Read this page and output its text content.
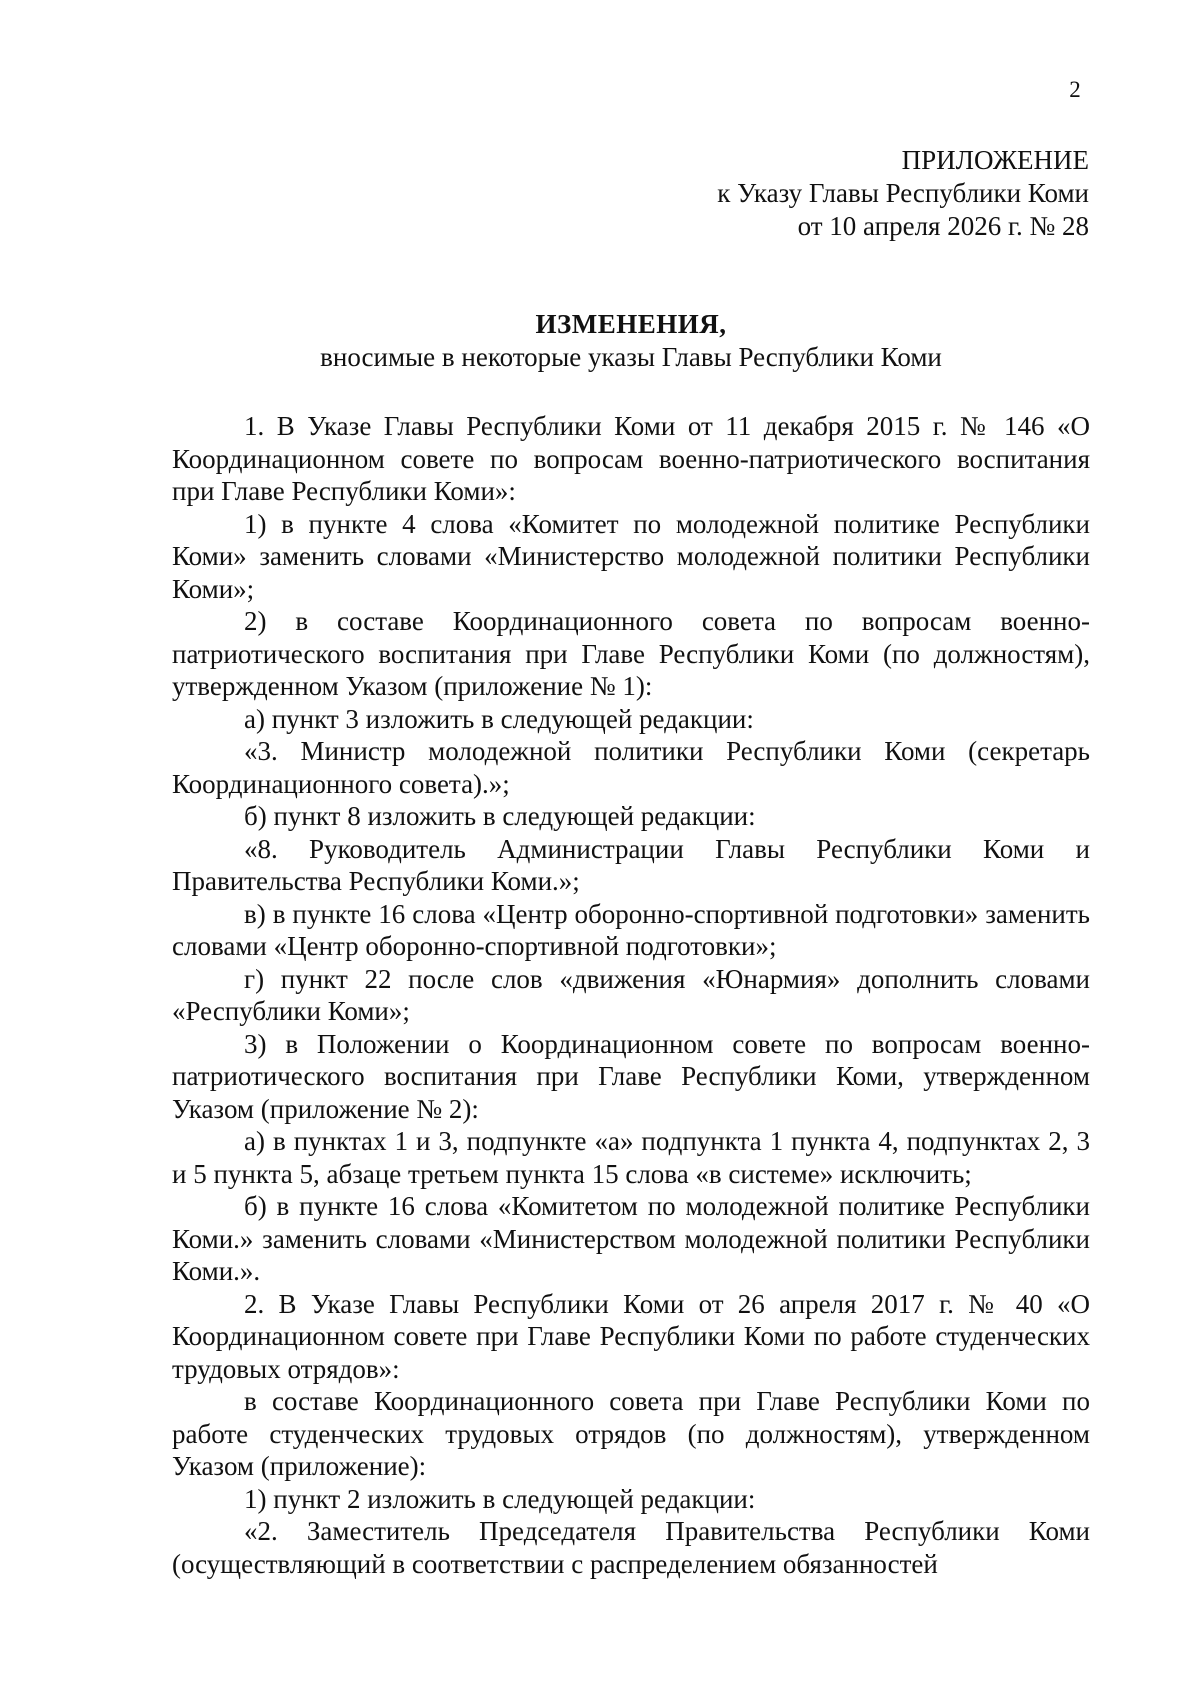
2
ПРИЛОЖЕНИЕ
к Указу Главы Республики Коми
от 10 апреля 2026 г. № 28
ИЗМЕНЕНИЯ,
вносимые в некоторые указы Главы Республики Коми

1. В Указе Главы Республики Коми от 11 декабря 2015 г. № 146 «О Координационном совете по вопросам военно-патриотического воспитания при Главе Республики Коми»:

1) в пункте 4 слова «Комитет по молодежной политике Республики Коми» заменить словами «Министерство молодежной политики Республики Коми»;

2) в составе Координационного совета по вопросам военно-патриотического воспитания при Главе Республики Коми (по должностям), утвержденном Указом (приложение № 1):

а) пункт 3 изложить в следующей редакции:

«3. Министр молодежной политики Республики Коми (секретарь Координационного совета).»;

б) пункт 8 изложить в следующей редакции:

«8. Руководитель Администрации Главы Республики Коми и Правительства Республики Коми.»;

в) в пункте 16 слова «Центр оборонно-спортивной подготовки» заменить словами «Центр оборонно-спортивной подготовки»;

г) пункт 22 после слов «движения «Юнармия» дополнить словами «Республики Коми»;

3) в Положении о Координационном совете по вопросам военно-патриотического воспитания при Главе Республики Коми, утвержденном Указом (приложение № 2):

а) в пунктах 1 и 3, подпункте «а» подпункта 1 пункта 4, подпунктах 2, 3 и 5 пункта 5, абзаце третьем пункта 15 слова «в системе» исключить;

б) в пункте 16 слова «Комитетом по молодежной политике Республики Коми.» заменить словами «Министерством молодежной политики Республики Коми.».

2. В Указе Главы Республики Коми от 26 апреля 2017 г. № 40 «О Координационном совете при Главе Республики Коми по работе студенческих трудовых отрядов»:

в составе Координационного совета при Главе Республики Коми по работе студенческих трудовых отрядов (по должностям), утвержденном Указом (приложение):

1) пункт 2 изложить в следующей редакции:

«2. Заместитель Председателя Правительства Республики Коми (осуществляющий в соответствии с распределением обязанностей
